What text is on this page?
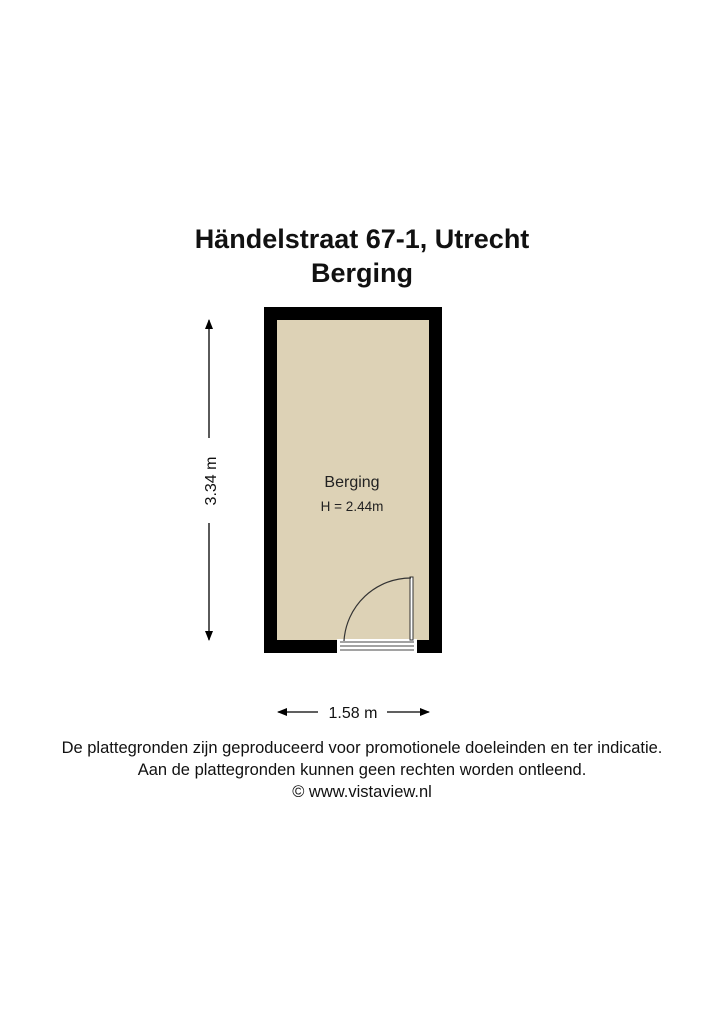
Händelstraat 67-1, Utrecht
Berging
Berging
H = 2.44m
3.34 m
1.58 m
De plattegronden zijn geproduceerd voor promotionele doeleinden en ter indicatie.
Aan de plattegronden kunnen geen rechten worden ontleend.
© www.vistaview.nl
